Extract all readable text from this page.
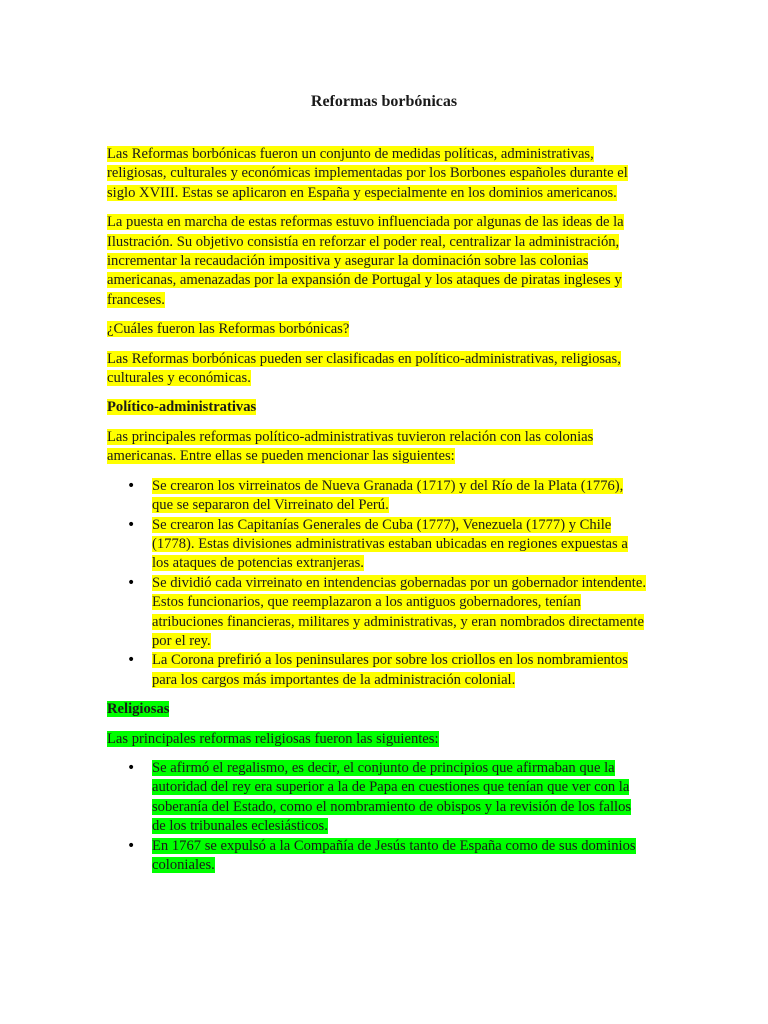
Reformas borbónicas

Las Reformas borbónicas fueron un conjunto de medidas políticas, administrativas, religiosas, culturales y económicas implementadas por los Borbones españoles durante el siglo XVIII. Estas se aplicaron en España y especialmente en los dominios americanos.

La puesta en marcha de estas reformas estuvo influenciada por algunas de las ideas de la Ilustración. Su objetivo consistía en reforzar el poder real, centralizar la administración, incrementar la recaudación impositiva y asegurar la dominación sobre las colonias americanas, amenazadas por la expansión de Portugal y los ataques de piratas ingleses y franceses.

¿Cuáles fueron las Reformas borbónicas?

Las Reformas borbónicas pueden ser clasificadas en político-administrativas, religiosas, culturales y económicas.

Político-administrativas

Las principales reformas político-administrativas tuvieron relación con las colonias americanas. Entre ellas se pueden mencionar las siguientes:

• Se crearon los virreinatos de Nueva Granada (1717) y del Río de la Plata (1776), que se separaron del Virreinato del Perú.
• Se crearon las Capitanías Generales de Cuba (1777), Venezuela (1777) y Chile (1778). Estas divisiones administrativas estaban ubicadas en regiones expuestas a los ataques de potencias extranjeras.
• Se dividió cada virreinato en intendencias gobernadas por un gobernador intendente. Estos funcionarios, que reemplazaron a los antiguos gobernadores, tenían atribuciones financieras, militares y administrativas, y eran nombrados directamente por el rey.
• La Corona prefirió a los peninsulares por sobre los criollos en los nombramientos para los cargos más importantes de la administración colonial.

Religiosas

Las principales reformas religiosas fueron las siguientes:

• Se afirmó el regalismo, es decir, el conjunto de principios que afirmaban que la autoridad del rey era superior a la de Papa en cuestiones que tenían que ver con la soberanía del Estado, como el nombramiento de obispos y la revisión de los fallos de los tribunales eclesiásticos.
• En 1767 se expulsó a la Compañía de Jesús tanto de España como de sus dominios coloniales.
